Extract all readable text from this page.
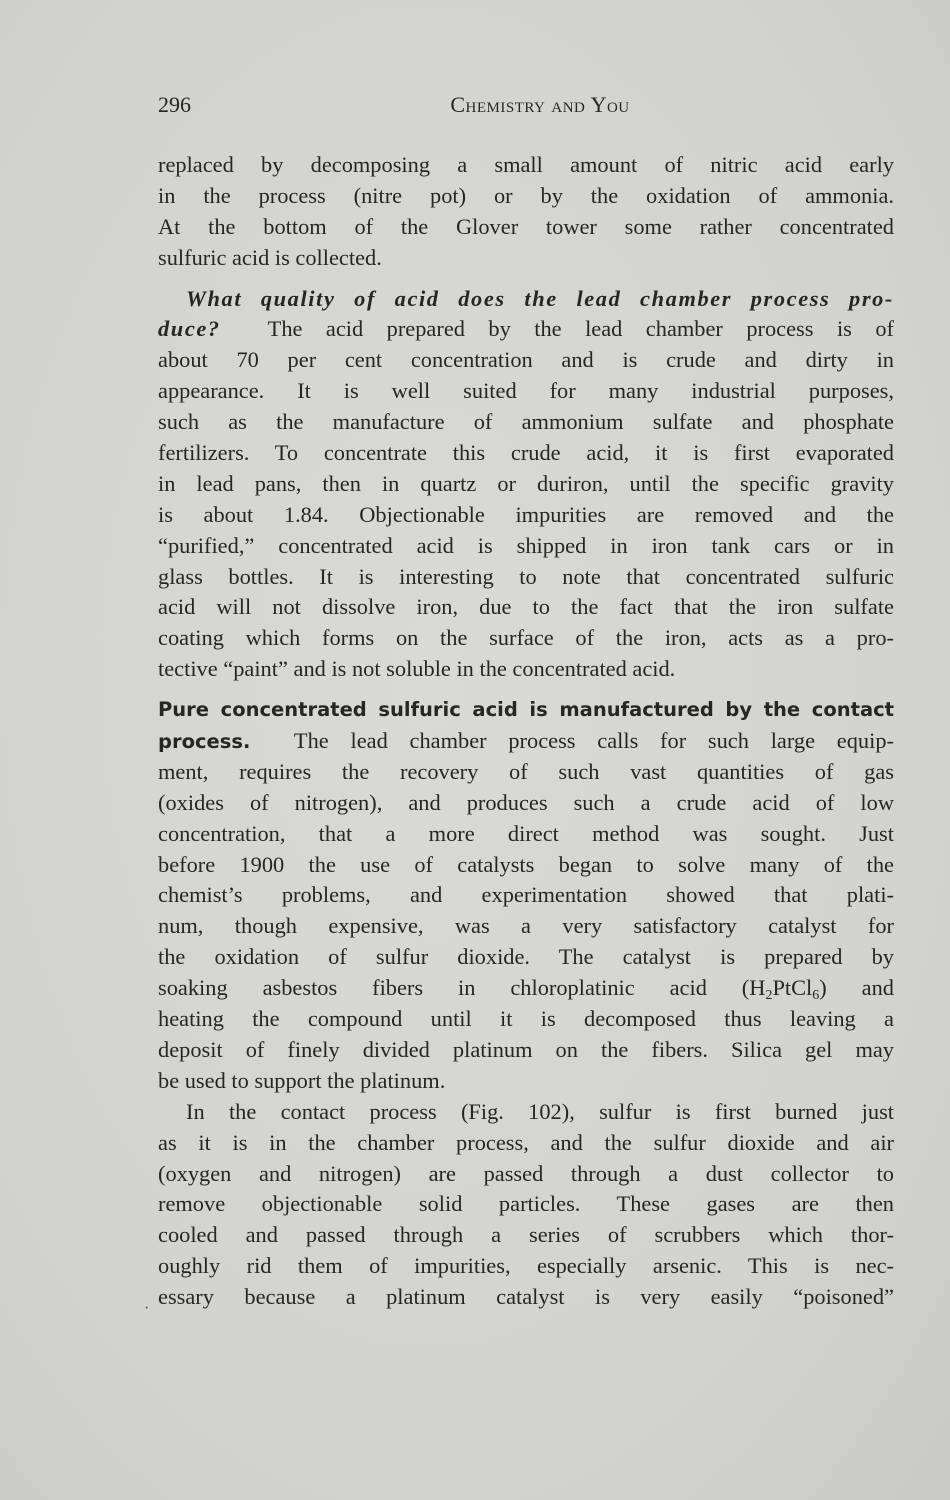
296	Chemistry and You
replaced by decomposing a small amount of nitric acid early
in the process (nitre pot) or by the oxidation of ammonia.
At the bottom of the Glover tower some rather concentrated
sulfuric acid is collected.
What quality of acid does the lead chamber process pro-
duce? The acid prepared by the lead chamber process is of
about 70 per cent concentration and is crude and dirty in
appearance. It is well suited for many industrial purposes,
such as the manufacture of ammonium sulfate and phosphate
fertilizers. To concentrate this crude acid, it is first evaporated
in lead pans, then in quartz or duriron, until the specific gravity
is about 1.84. Objectionable impurities are removed and the
“purified,” concentrated acid is shipped in iron tank cars or in
glass bottles. It is interesting to note that concentrated sulfuric
acid will not dissolve iron, due to the fact that the iron sulfate
coating which forms on the surface of the iron, acts as a pro-
tective “paint” and is not soluble in the concentrated acid.
Pure concentrated sulfuric acid is manufactured by the contact
process. The lead chamber process calls for such large equip-
ment, requires the recovery of such vast quantities of gas
(oxides of nitrogen), and produces such a crude acid of low
concentration, that a more direct method was sought. Just
before 1900 the use of catalysts began to solve many of the
chemist’s problems, and experimentation showed that plati-
num, though expensive, was a very satisfactory catalyst for
the oxidation of sulfur dioxide. The catalyst is prepared by
soaking asbestos fibers in chloroplatinic acid $(H_2PtCl_6)$ and
heating the compound until it is decomposed thus leaving a
deposit of finely divided platinum on the fibers. Silica gel may
be used to support the platinum.
In the contact process (Fig. 102), sulfur is first burned just
as it is in the chamber process, and the sulfur dioxide and air
(oxygen and nitrogen) are passed through a dust collector to
remove objectionable solid particles. These gases are then
cooled and passed through a series of scrubbers which thor-
oughly rid them of impurities, especially arsenic. This is nec-
essary because a platinum catalyst is very easily “poisoned”
·
